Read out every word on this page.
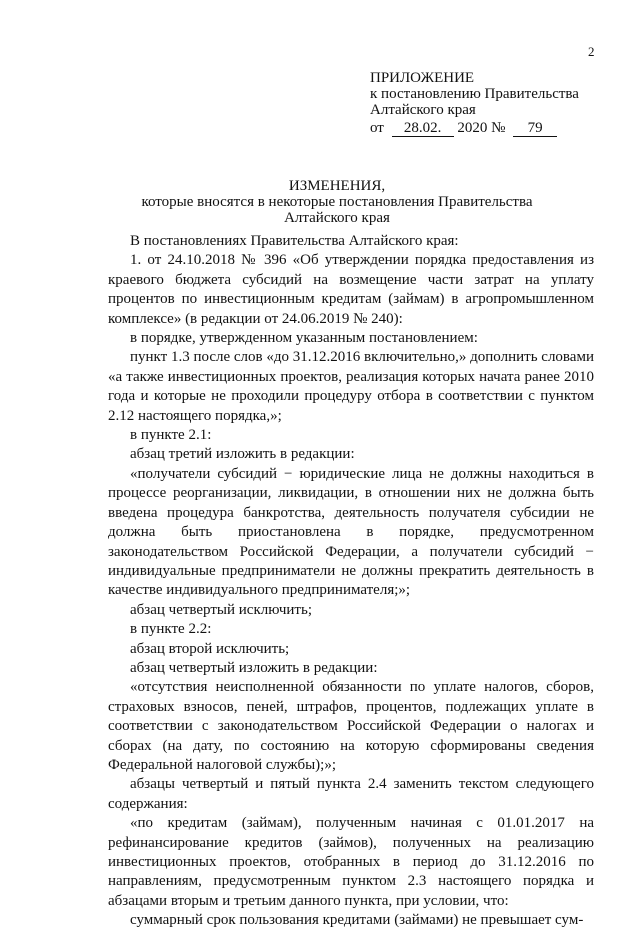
2
ПРИЛОЖЕНИЕ
к постановлению Правительства
Алтайского края
от 28.02. 2020 № 79
ИЗМЕНЕНИЯ,
которые вносятся в некоторые постановления Правительства
Алтайского края

В постановлениях Правительства Алтайского края:

1. от 24.10.2018 № 396 «Об утверждении порядка предоставления из краевого бюджета субсидий на возмещение части затрат на уплату процентов по инвестиционным кредитам (займам) в агропромышленном комплексе» (в редакции от 24.06.2019 № 240):

в порядке, утвержденном указанным постановлением:

пункт 1.3 после слов «до 31.12.2016 включительно,» дополнить словами «а также инвестиционных проектов, реализация которых начата ранее 2010 года и которые не проходили процедуру отбора в соответствии с пунктом 2.12 настоящего порядка,»;

в пункте 2.1:

абзац третий изложить в редакции:

«получатели субсидий − юридические лица не должны находиться в процессе реорганизации, ликвидации, в отношении них не должна быть введена процедура банкротства, деятельность получателя субсидии не должна быть приостановлена в порядке, предусмотренном законодательством Российской Федерации, а получатели субсидий − индивидуальные предприниматели не должны прекратить деятельность в качестве индивидуального предпринимателя;»;

абзац четвертый исключить;

в пункте 2.2:

абзац второй исключить;

абзац четвертый изложить в редакции:

«отсутствия неисполненной обязанности по уплате налогов, сборов, страховых взносов, пеней, штрафов, процентов, подлежащих уплате в соответствии с законодательством Российской Федерации о налогах и сборах (на дату, по состоянию на которую сформированы сведения Федеральной налоговой службы);»;

абзацы четвертый и пятый пункта 2.4 заменить текстом следующего содержания:

«по кредитам (займам), полученным начиная с 01.01.2017 на рефинансирование кредитов (займов), полученных на реализацию инвестиционных проектов, отобранных в период до 31.12.2016 по направлениям, предусмотренным пунктом 2.3 настоящего порядка и абзацами вторым и третьим данного пункта, при условии, что:

суммарный срок пользования кредитами (займами) не превышает сум-
